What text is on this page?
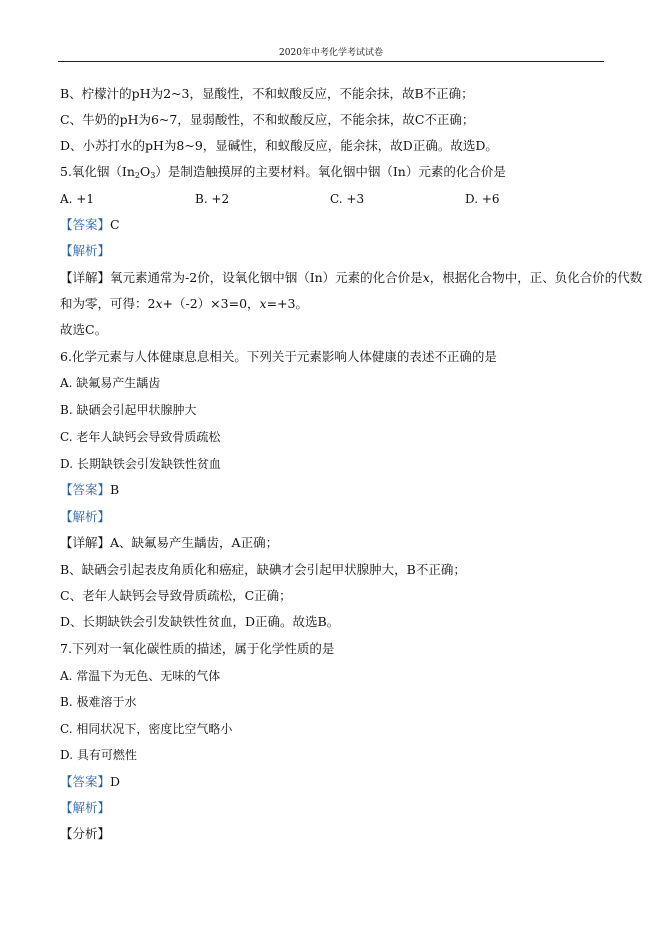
2020年中考化学考试试卷
B、柠檬汁的pH为2~3，显酸性，不和蚁酸反应，不能余抹，故B不正确；
C、牛奶的pH为6~7，显弱酸性，不和蚁酸反应，不能余抹，故C不正确；
D、小苏打水的pH为8~9，显碱性，和蚁酸反应，能余抹，故D正确。故选D。
5.氧化铟$(In_2O_3)$是制造触摸屏的主要材料。氧化铟中铟（In）元素的化合价是
A. +1	B. +2	C. +3	D. +6
【答案】C
【解析】
【详解】氧元素通常为-2价，设氧化铟中铟（In）元素的化合价是x，根据化合物中，正、负化合价的代数
和为零，可得：2x+（-2）×3=0，x=+3。
故选C。
6.化学元素与人体健康息息相关。下列关于元素影响人体健康的表述不正确的是
A. 缺氟易产生龋齿
B. 缺硒会引起甲状腺肿大
C. 老年人缺钙会导致骨质疏松
D. 长期缺铁会引发缺铁性贫血
【答案】B
【解析】
【详解】A、缺氟易产生龋齿，A正确；
B、缺硒会引起表皮角质化和癌症，缺碘才会引起甲状腺肿大，B不正确；
C、老年人缺钙会导致骨质疏松，C正确；
D、长期缺铁会引发缺铁性贫血，D正确。故选B。
7.下列对一氧化碳性质的描述，属于化学性质的是
A. 常温下为无色、无味的气体
B. 极难溶于水
C. 相同状况下，密度比空气略小
D. 具有可燃性
【答案】D
【解析】
【分析】
